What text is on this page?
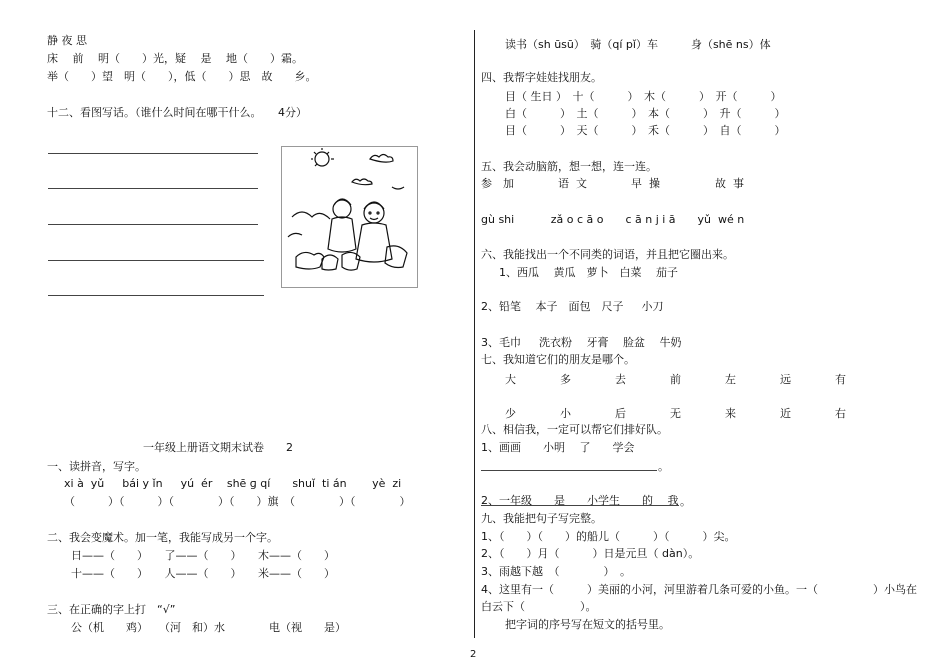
静 夜 思
床　 前　 明（　　）光，疑　 是　 地（　　）霜。
举（　　）望　明（　　），低（　　）思　故　　乡。
十二、看图写话。（谁什么时间在哪干什么。　　4分）
一年级上册语文期末试卷　　2
一、读拼音，写字。
xi à  yǔ　  bái y ǐn　  yú  ér　 shē ɡ qí　　shuǐ  ti án　 　yè  zi
（　　　）（　　　）（　　　　）（　　）旗　（　　　　）（　　　　）
二、我会变魔术。加一笔，我能写成另一个字。
日——（　　）　　了——（　　）　　木——（　　）
十——（　　）　　人——（　　）　　米——（　　）
三、在正确的字上打　“√”
公（机　　鸡）　　（河　和）水　　　　电（视　　是）
读书（sh ūsū）　骑（qí pǐ）车　　　身（shē ns）体
四、我帮字娃娃找朋友。
目（ 生日 ）　十（　　　）　木（　　　）　开（　　　）
白（　　　）　土（　　　）　本（　　　）　升（　　　）
目（　　　）　天（　　　）　禾（　　　）　自（　　　）
五、我会动脑筋，想一想，连一连。
参　加　　　　语  文　　　　早  操　　　　　故  事
gù shi　　　 zǎ o c ā o　　c ā n j i ā　　yǔ  wé n
六、我能找出一个不同类的词语，并且把它圈出来。
1、西瓜　 黄瓜　萝卜　白菜　 茄子
2、铅笔　 本子　面包　尺子　  小刀
3、毛巾　  洗衣粉　 牙膏　 脸盆　 牛奶
七、我知道它们的朋友是哪个。
大　　　　多　　　　去　　　　前　　　　左　　　　远　　　　有
少　　　　小　　　　后　　　　无　　　　来　　　　近　　　　右
八、相信我，一定可以帮它们排好队。
1、画画　　小明　 了　　学会
2、一年级　　是　　小学生　　的　 我
九、我能把句子写完整。
1、（　　）（　　）的船儿（　　　）（　　　）尖。
2、（　　）月（　　　）日是元旦（ dàn）。
3、雨越下越　（　　　　）　。
4、这里有一（　　　）美丽的小河，河里游着几条可爱的小鱼。一（　　　　　）小鸟在
白云下（　　　　　）。
把字词的序号写在短文的括号里。
。
。
2
